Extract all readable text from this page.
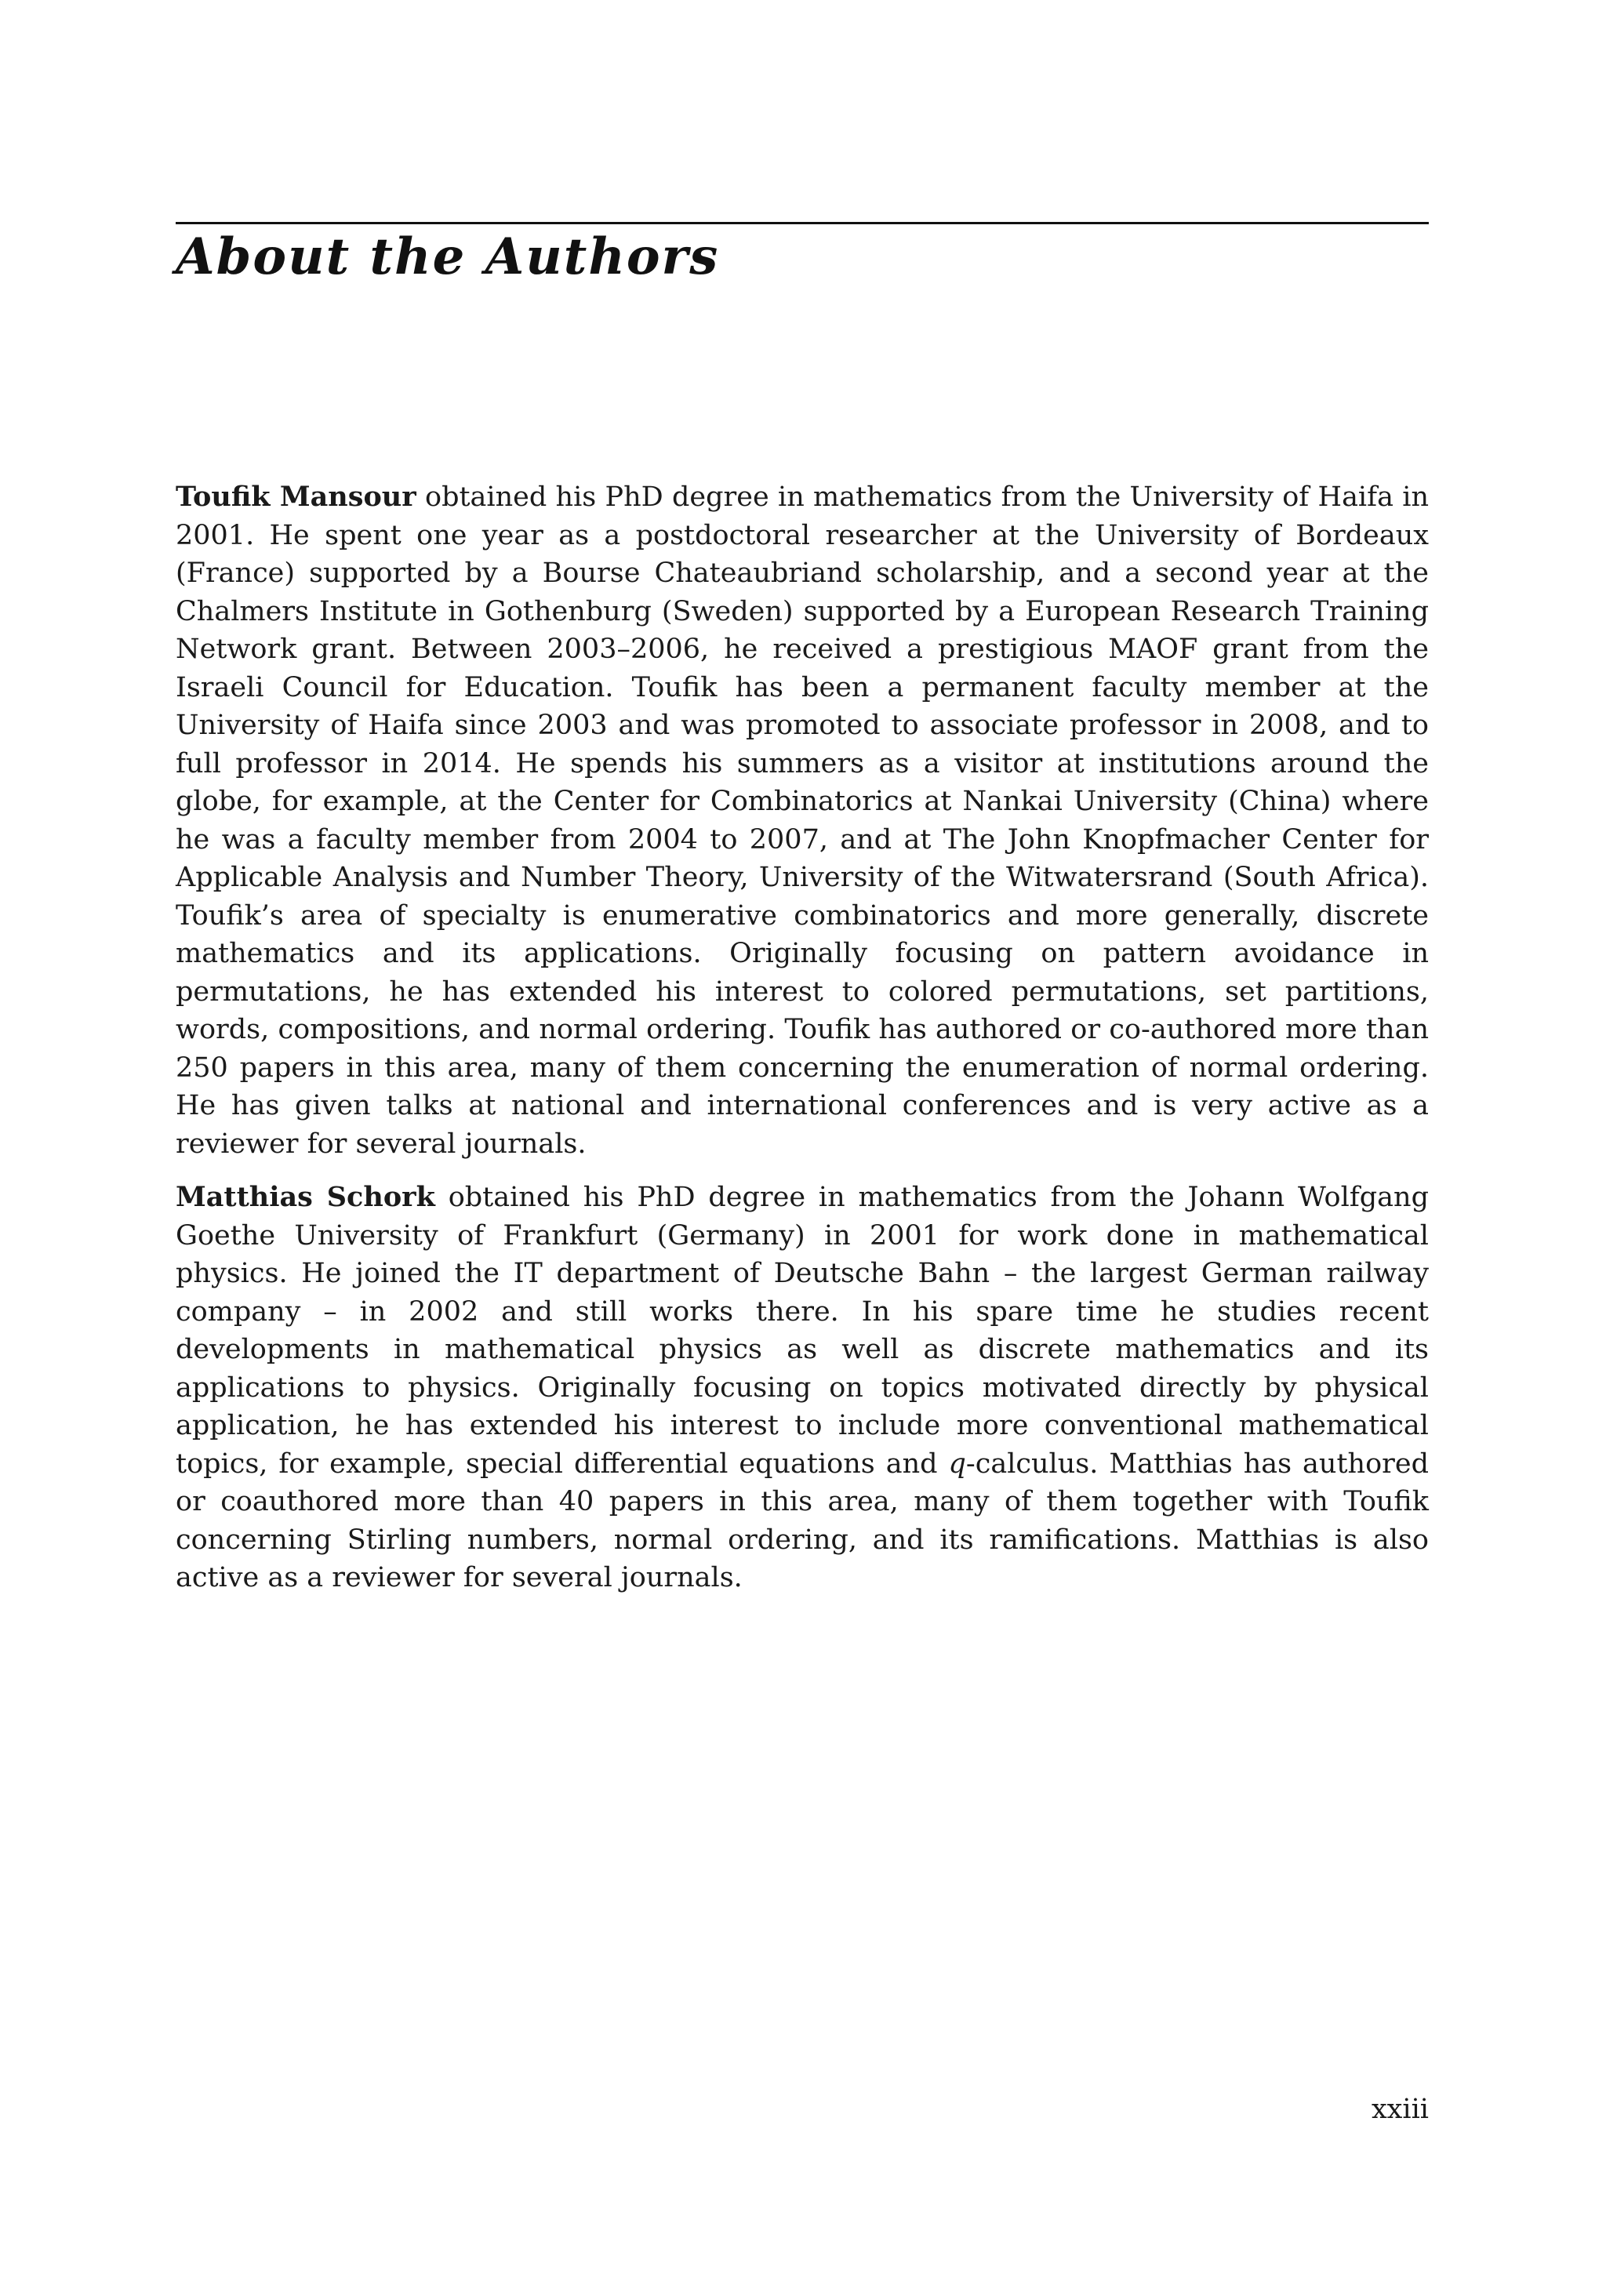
About the Authors

Toufik Mansour obtained his PhD degree in mathematics from the University of Haifa in 2001. He spent one year as a postdoctoral researcher at the University of Bordeaux (France) supported by a Bourse Chateaubriand scholarship, and a second year at the Chalmers Institute in Gothenburg (Sweden) supported by a European Research Training Network grant. Between 2003–2006, he received a prestigious MAOF grant from the Israeli Council for Education. Toufik has been a permanent faculty member at the University of Haifa since 2003 and was promoted to associate professor in 2008, and to full professor in 2014. He spends his summers as a visitor at institutions around the globe, for example, at the Center for Combinatorics at Nankai University (China) where he was a faculty member from 2004 to 2007, and at The John Knopfmacher Center for Applicable Analysis and Number Theory, University of the Witwatersrand (South Africa). Toufik’s area of specialty is enumerative combinatorics and more generally, discrete mathematics and its applications. Originally focusing on pattern avoidance in permutations, he has extended his interest to colored permutations, set partitions, words, compositions, and normal ordering. Toufik has authored or co-authored more than 250 papers in this area, many of them concerning the enumeration of normal ordering. He has given talks at national and international conferences and is very active as a reviewer for several journals.

Matthias Schork obtained his PhD degree in mathematics from the Johann Wolfgang Goethe University of Frankfurt (Germany) in 2001 for work done in mathematical physics. He joined the IT department of Deutsche Bahn – the largest German railway company – in 2002 and still works there. In his spare time he studies recent developments in mathematical physics as well as discrete mathematics and its applications to physics. Originally focusing on topics motivated directly by physical application, he has extended his interest to include more conventional mathematical topics, for example, special differential equations and q-calculus. Matthias has authored or coauthored more than 40 papers in this area, many of them together with Toufik concerning Stirling numbers, normal ordering, and its ramifications. Matthias is also active as a reviewer for several journals.

xxiii
